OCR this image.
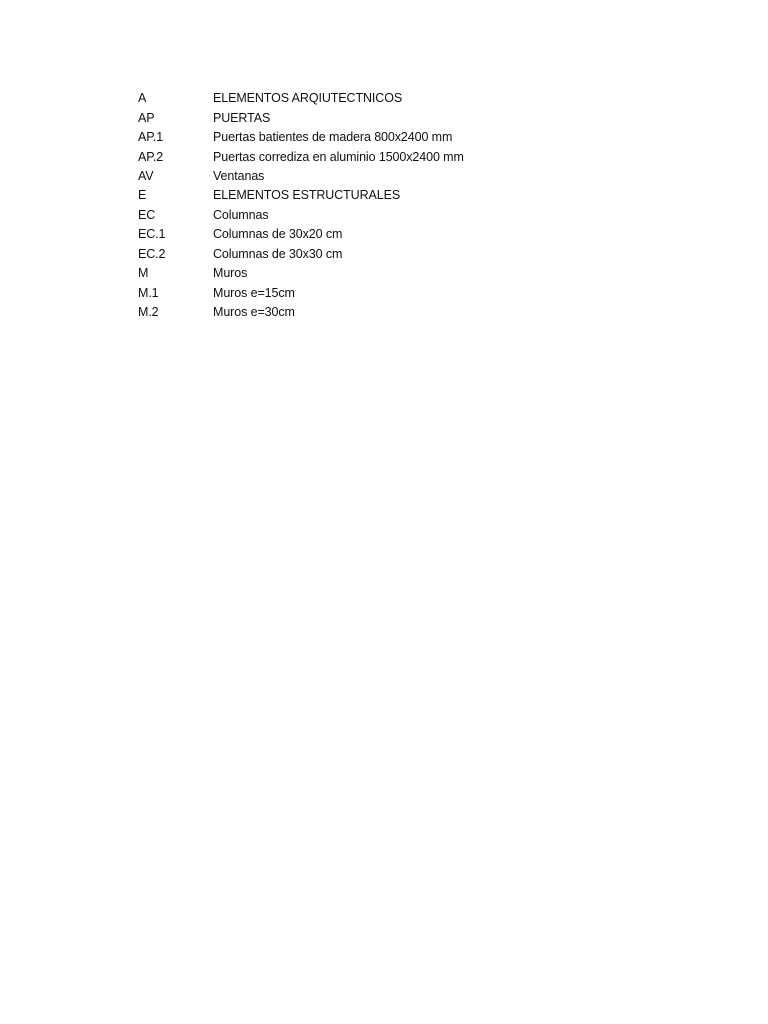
A	ELEMENTOS ARQIUTECTNICOS
AP	PUERTAS
AP.1	Puertas batientes de madera 800x2400 mm
AP.2	Puertas corrediza en aluminio 1500x2400 mm
AV	Ventanas
E	ELEMENTOS ESTRUCTURALES
EC	Columnas
EC.1	Columnas de 30x20 cm
EC.2	Columnas de 30x30 cm
M	Muros
M.1	Muros e=15cm
M.2	Muros e=30cm
